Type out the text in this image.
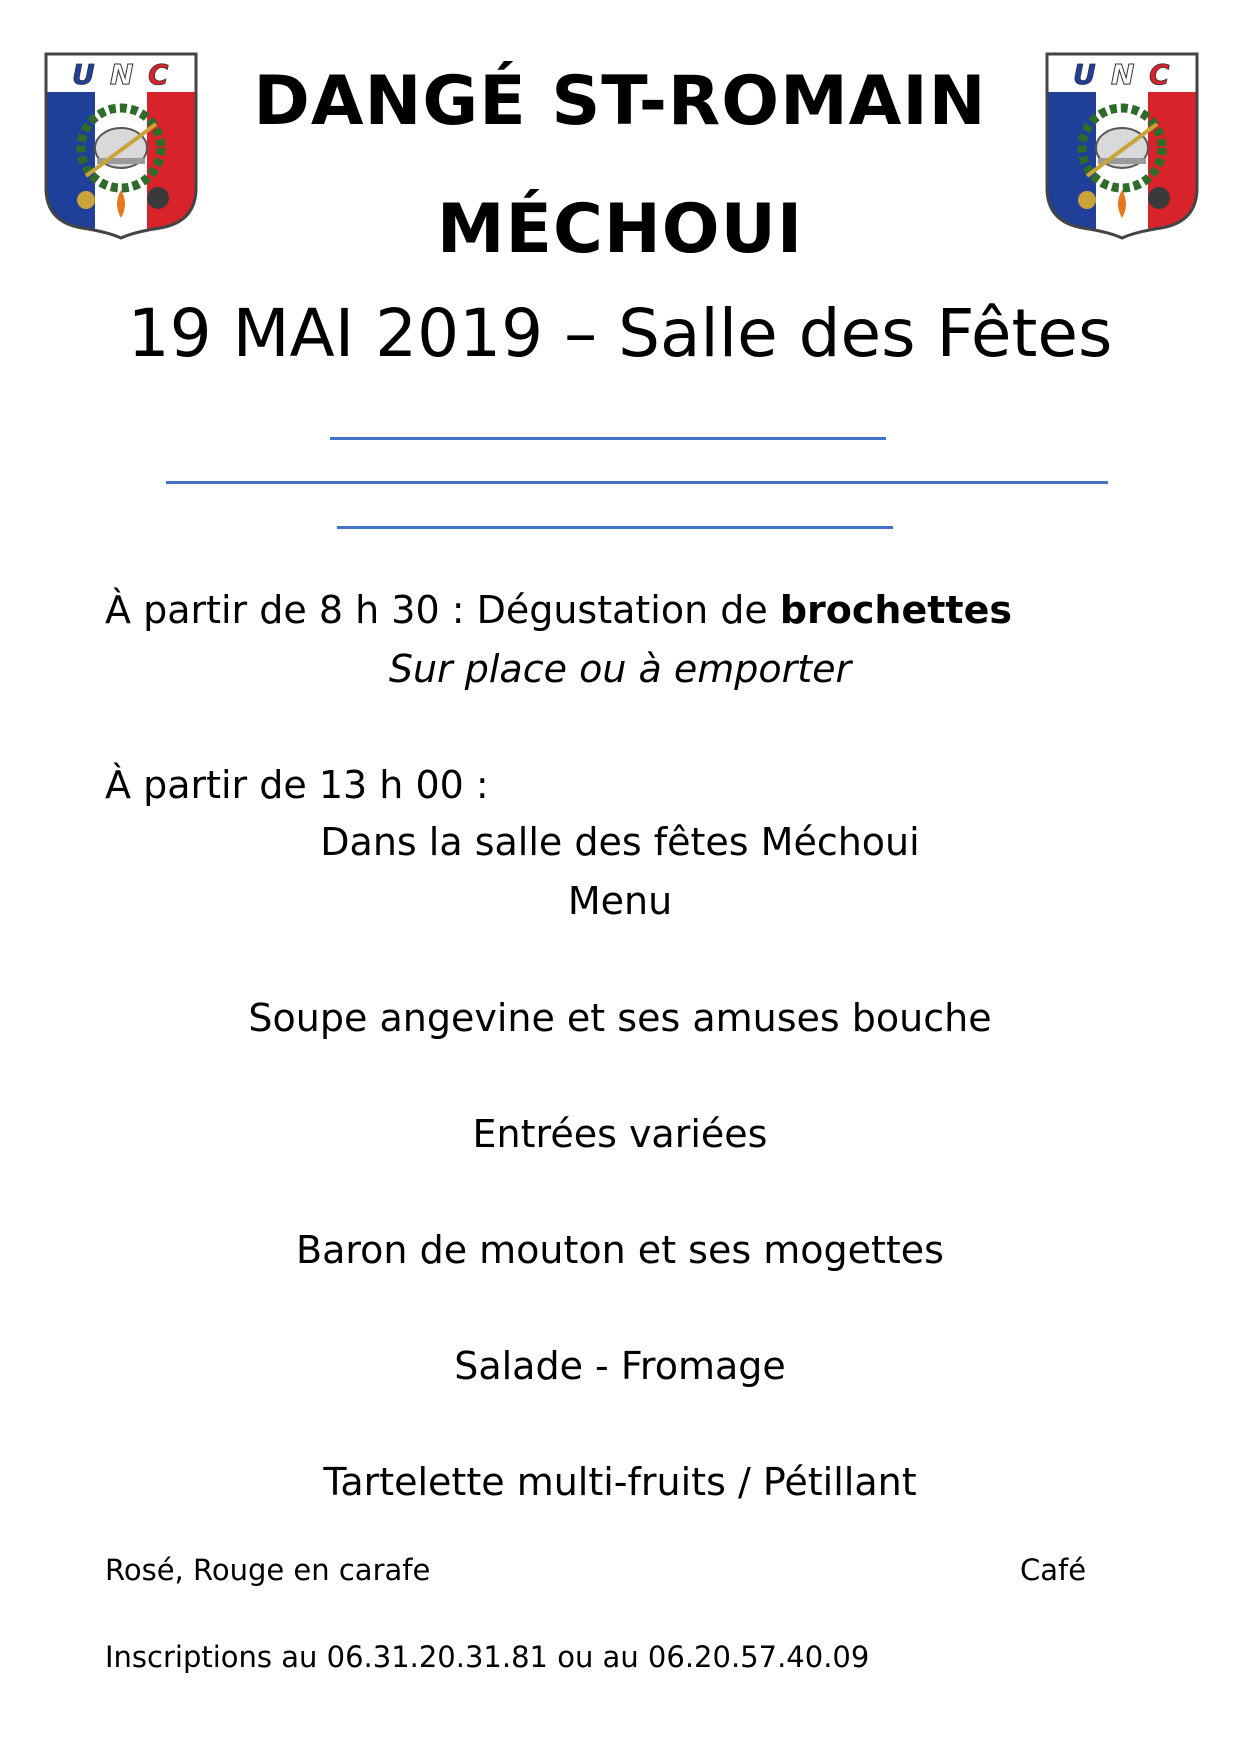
U N C	U N C
DANGÉ ST-ROMAIN
MÉCHOUI
19 MAI 2019 – Salle des Fêtes
À partir de 8 h 30 : Dégustation de brochettes
Sur place ou à emporter
À partir de 13 h 00 :
Dans la salle des fêtes Méchoui
Menu
Soupe angevine et ses amuses bouche
Entrées variées
Baron de mouton et ses mogettes
Salade - Fromage
Tartelette multi-fruits / Pétillant
Rosé, Rouge en carafe	Café
Inscriptions au 06.31.20.31.81 ou au 06.20.57.40.09
